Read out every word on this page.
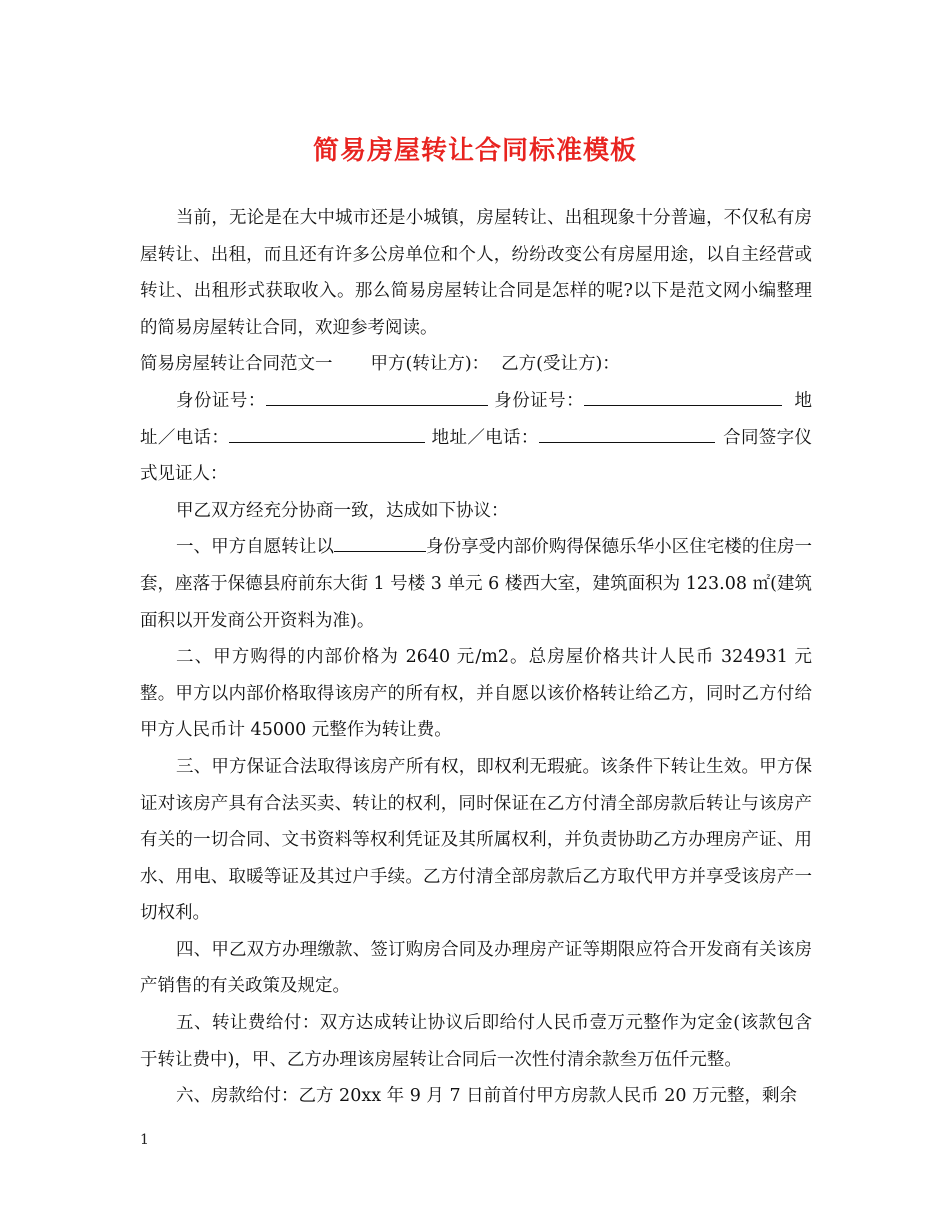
简易房屋转让合同标准模板

当前，无论是在大中城市还是小城镇，房屋转让、出租现象十分普遍，不仅私有房屋转让、出租，而且还有许多公房单位和个人，纷纷改变公有房屋用途，以自主经营或转让、出租形式获取收入。那么简易房屋转让合同是怎样的呢?以下是范文网小编整理的简易房屋转让合同，欢迎参考阅读。

简易房屋转让合同范文一 甲方(转让方)： 乙方(受让方)：

身份证号：	身份证号：	地址／电话：	地址／电话：	合同签字仪式见证人：

甲乙双方经充分协商一致，达成如下协议：

一、甲方自愿转让以	身份享受内部价购得保德乐华小区住宅楼的住房一套，座落于保德县府前东大街 1 号楼 3 单元 6 楼西大室，建筑面积为 123.08 ㎡(建筑面积以开发商公开资料为准)。

二、甲方购得的内部价格为 2640 元/m2。总房屋价格共计人民币 324931 元整。甲方以内部价格取得该房产的所有权，并自愿以该价格转让给乙方，同时乙方付给甲方人民币计 45000 元整作为转让费。

三、甲方保证合法取得该房产所有权，即权利无瑕疵。该条件下转让生效。甲方保证对该房产具有合法买卖、转让的权利，同时保证在乙方付清全部房款后转让与该房产有关的一切合同、文书资料等权利凭证及其所属权利，并负责协助乙方办理房产证、用水、用电、取暖等证及其过户手续。乙方付清全部房款后乙方取代甲方并享受该房产一切权利。

四、甲乙双方办理缴款、签订购房合同及办理房产证等期限应符合开发商有关该房产销售的有关政策及规定。

五、转让费给付：双方达成转让协议后即给付人民币壹万元整作为定金(该款包含于转让费中)，甲、乙方办理该房屋转让合同后一次性付清余款叁万伍仟元整。

六、房款给付：乙方 20xx 年 9 月 7 日前首付甲方房款人民币 20 万元整，剩余

1
